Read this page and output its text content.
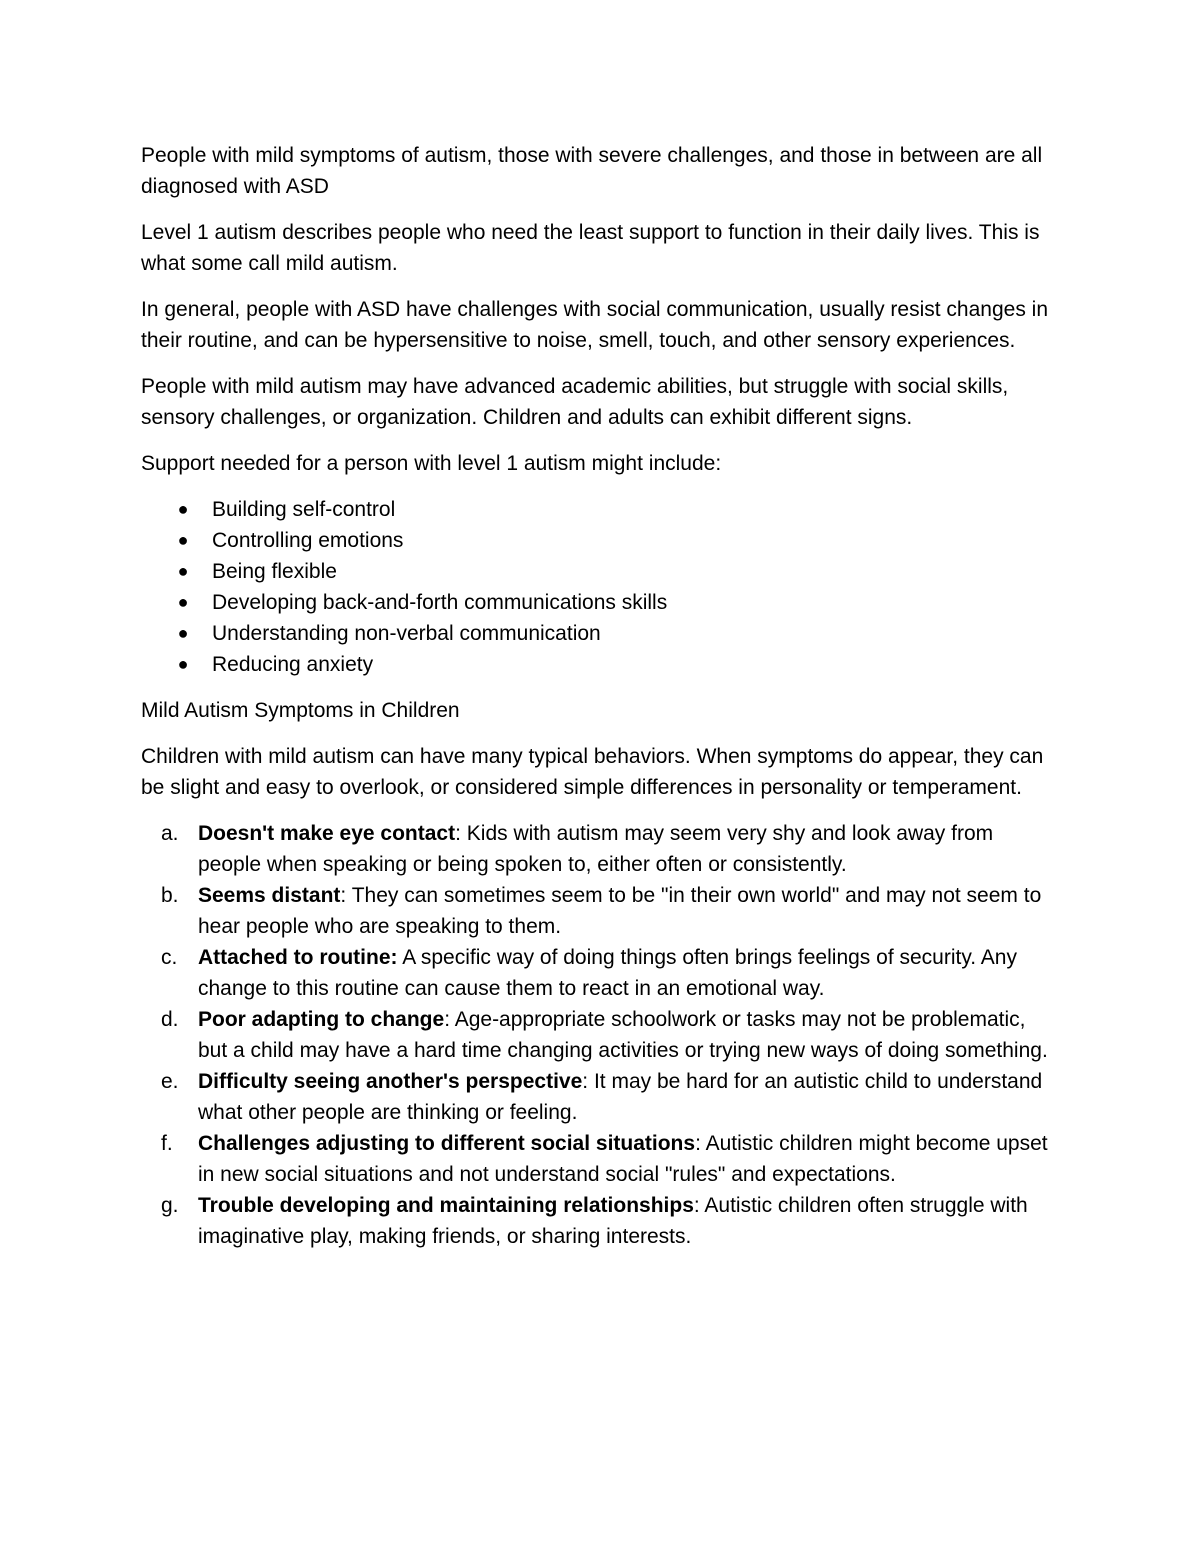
People with mild symptoms of autism, those with severe challenges, and those in between are all diagnosed with ASD

Level 1 autism describes people who need the least support to function in their daily lives. This is what some call mild autism.

In general, people with ASD have challenges with social communication, usually resist changes in their routine, and can be hypersensitive to noise, smell, touch, and other sensory experiences.

People with mild autism may have advanced academic abilities, but struggle with social skills, sensory challenges, or organization. Children and adults can exhibit different signs.

Support needed for a person with level 1 autism might include:

● Building self-control
● Controlling emotions
● Being flexible
● Developing back-and-forth communications skills
● Understanding non-verbal communication
● Reducing anxiety

Mild Autism Symptoms in Children

Children with mild autism can have many typical behaviors. When symptoms do appear, they can be slight and easy to overlook, or considered simple differences in personality or temperament.

a. Doesn't make eye contact: Kids with autism may seem very shy and look away from people when speaking or being spoken to, either often or consistently.
b. Seems distant: They can sometimes seem to be "in their own world" and may not seem to hear people who are speaking to them.
c. Attached to routine: A specific way of doing things often brings feelings of security. Any change to this routine can cause them to react in an emotional way.
d. Poor adapting to change: Age-appropriate schoolwork or tasks may not be problematic, but a child may have a hard time changing activities or trying new ways of doing something.
e. Difficulty seeing another's perspective: It may be hard for an autistic child to understand what other people are thinking or feeling.
f. Challenges adjusting to different social situations: Autistic children might become upset in new social situations and not understand social "rules" and expectations.
g. Trouble developing and maintaining relationships: Autistic children often struggle with imaginative play, making friends, or sharing interests.
